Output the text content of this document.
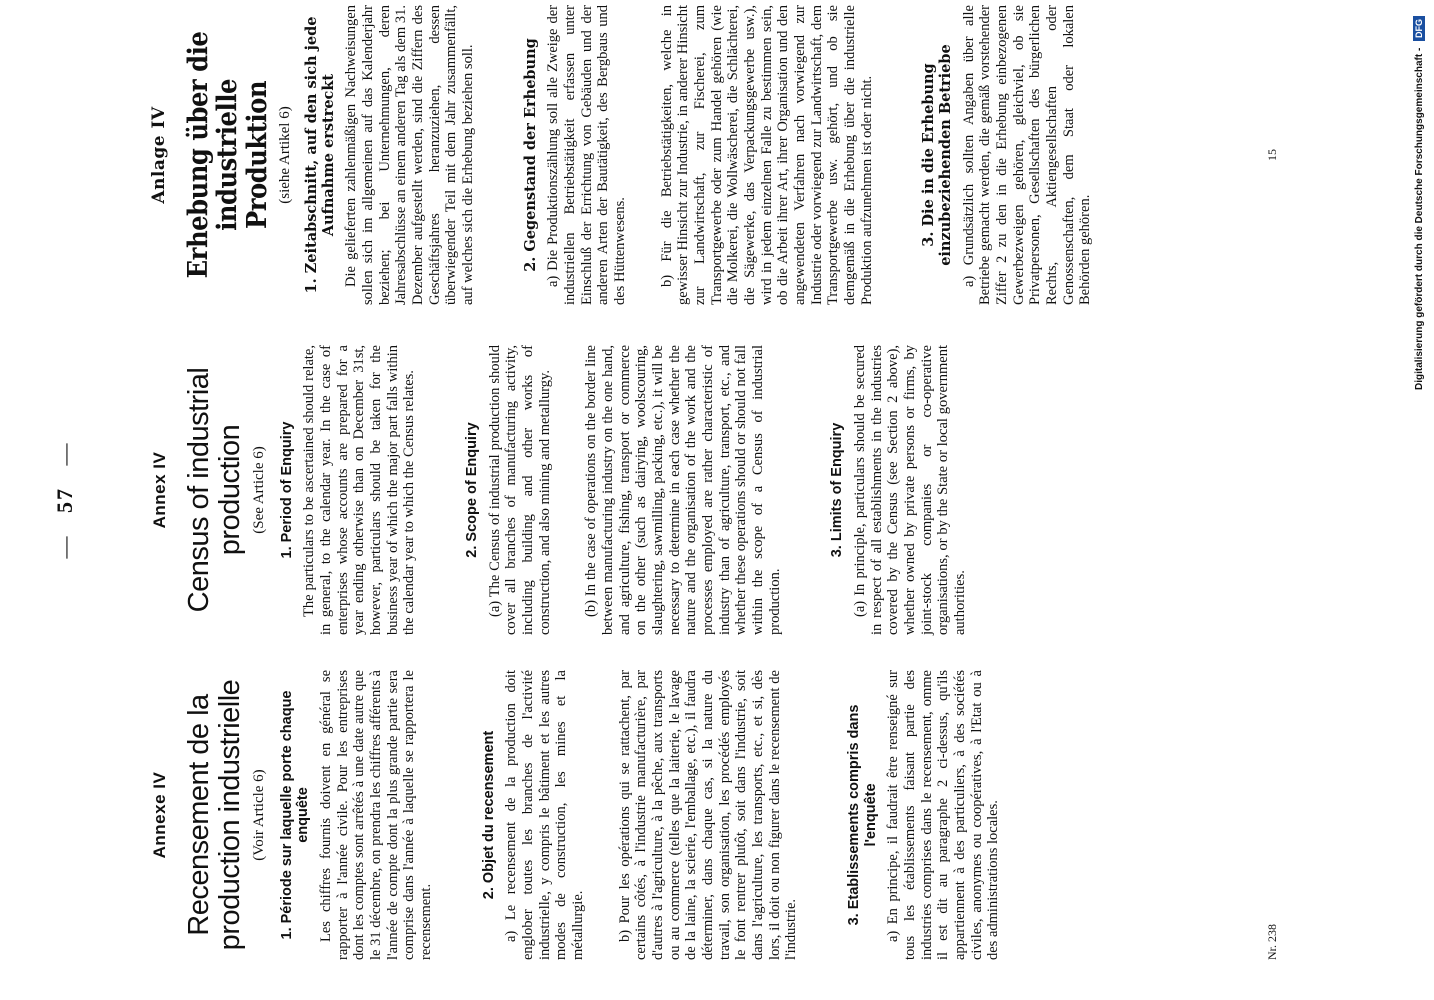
— 57 —
Annexe IV Recensement de la production industrielle (Voir Article 6) 1. Période sur laquelle porte chaque enquête Les chiffres fournis doivent en général se rapporter à l'année civile. Pour les entreprises dont les comptes sont arrêtés à une date autre que le 31 décembre, on prendra les chiffres afférents à l'année de compte dont la plus grande partie sera comprise dans l'année à laquelle se rapportera le recensement.

2. Objet du recensement a) Le recensement de la production doit englober toutes les branches de l'activité industrielle, y compris le bâtiment et les autres modes de construction, les mines et la métallurgie. b) Pour les opérations qui se rattachent, par certains côtés, à l'industrie manufacturière, par d'autres à l'agriculture, à la pêche, aux transports ou au commerce (telles que la laiterie, le lavage de la laine, la scierie, l'emballage, etc.), il faudra déterminer, dans chaque cas, si la nature du travail, son organisation, les procédés employés le font rentrer plutôt, soit dans l'industrie, soit dans l'agriculture, les transports, etc., et si, dès lors, il doit ou non figurer dans le recensement de l'industrie.

3. Etablissements compris dans l'enquête a) En principe, il faudrait être renseigné sur tous les établissements faisant partie des industries comprises dans le recensement, omme il est dit au paragraphe 2 ci-dessus, qu'ils appartiennent à des particuliers, à des sociétés civiles, anonymes ou coopératives, à l'Etat ou à des administrations locales.

Annex IV Census of industrial production (See Article 6) 1. Period of Enquiry The particulars to be ascertained should relate, in general, to the calendar year. In the case of enterprises whose accounts are prepared for a year ending otherwise than on December 31st, however, particulars should be taken for the business year of which the major part falls within the calendar year to which the Census relates.	2. Scope of Enquiry (a) The Census of industrial production should cover all branches of manufacturing activity, including building and other works of construction, and also mining and metallurgy. (b) In the case of operations on the border line between manufacturing industry on the one hand, and agriculture, fishing, transport or commerce on the other (such as dairying, woolscouring, slaughtering, sawmilling, packing, etc.), it will be necessary to determine in each case whether the nature and the organisation of the work and the processes employed are rather characteristic of industry than of agriculture, transport, etc., and whether these operations should or should not fall within the scope of a Census of industrial production.

3. Limits of Enquiry (a) In principle, particulars should be secured in respect of all establishments in the industries covered by the Census (see Section 2 above), whether owned by private persons or firms, by joint-stock companies or co-operative organisations, or by the State or local government authorities.

Anlage IV Erhebung über die industrielle Produktion (siehe Artikel 6) 1. Zeitabschnitt, auf den sich jede Aufnahme erstreckt Die gelieferten zahlenmäßigen Nachweisungen sollen sich im allgemeinen auf das Kalenderjahr beziehen; bei Unternehmungen, deren Jahresabschlüsse an einem anderen Tag als dem 31. Dezember aufgestellt werden, sind die Ziffern des Geschäftsjahres heranzuziehen, dessen überwiegender Teil mit dem Jahr zusammenfällt, auf welches sich die Erhebung beziehen soll.	2. Gegenstand der Erhebung a) Die Produktionszählung soll alle Zweige der industriellen Betriebstätigkeit erfassen unter Einschluß der Errichtung von Gebäuden und der anderen Arten der Bautätigkeit, des Bergbaus und des Hüttenwesens. b) Für die Betriebstätigkeiten, welche in gewisser Hinsicht zur Industrie, in anderer Hinsicht zur Landwirtschaft, zur Fischerei, zum Transportgewerbe oder zum Handel gehören (wie die Molkerei, die Wollwäscherei, die Schlächterei, die Sägewerke, das Verpackungsgewerbe usw.), wird in jedem einzelnen Falle zu bestimmen sein, ob die Arbeit ihrer Art, ihrer Organisation und den angewendeten Verfahren nach vorwiegend zur Industrie oder vorwiegend zur Landwirtschaft, dem Transportgewerbe usw. gehört, und ob sie demgemäß in die Erhebung über die industrielle Produktion aufzunehmen ist oder nicht.	3. Die in die Erhebung einzubeziehenden Betriebe a) Grundsätzlich sollten Angaben über alle Betriebe gemacht werden, die gemäß vorstehender Ziffer 2 zu den in die Erhebung einbezogenen Gewerbezweigen gehören, gleichviel, ob sie Privatpersonen, Gesellschaften des bürgerlichen Rechts, Aktiengesellschaften oder Genossenschaften, dem Staat oder lokalen Behörden gehören.

Nr. 238
15	Digitalisierung gefördert durch die Deutsche Forschungsgemeinschaft - DFG
